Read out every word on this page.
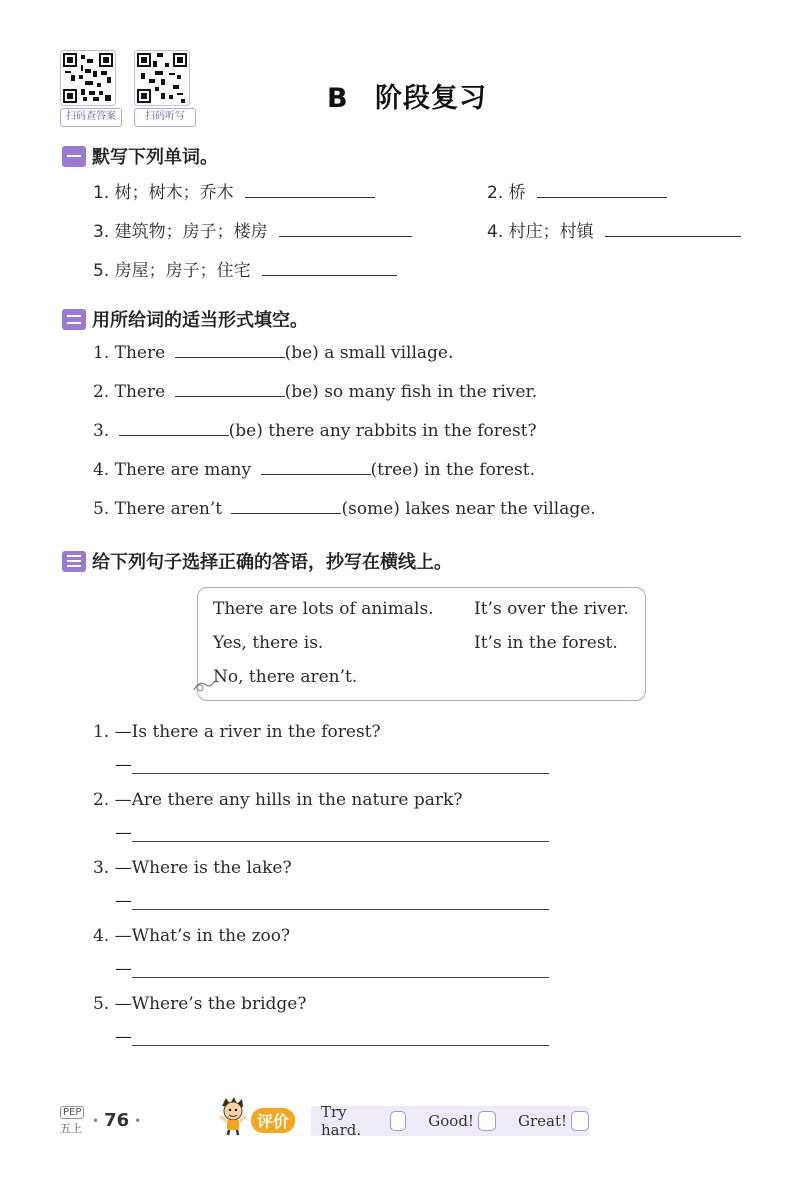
扫码查答案	扫码听写
B 阶段复习
默写下列单词。
1. 树；树木；乔木	2. 桥
3. 建筑物；房子；楼房	4. 村庄；村镇
5. 房屋；房子；住宅
用所给词的适当形式填空。
1. There	(be) a small village.
2. There	(be) so many fish in the river.
3.	(be) there any rabbits in the forest?
4. There are many	(tree) in the forest.
5. There aren’t	(some) lakes near the village.
给下列句子选择正确的答语，抄写在横线上。
There are lots of animals. It’s over the river.
Yes, there is.	It’s in the forest.
No, there aren’t.
1. —Is there a river in the forest?
—
2. —Are there any hills in the nature park?
—
3. —Where is the lake?
—
4. —What’s in the zoo?
—
5. —Where’s the bridge?
—
PEP
五上
• 76 •	评价	Try hard.	Good!	Great!
